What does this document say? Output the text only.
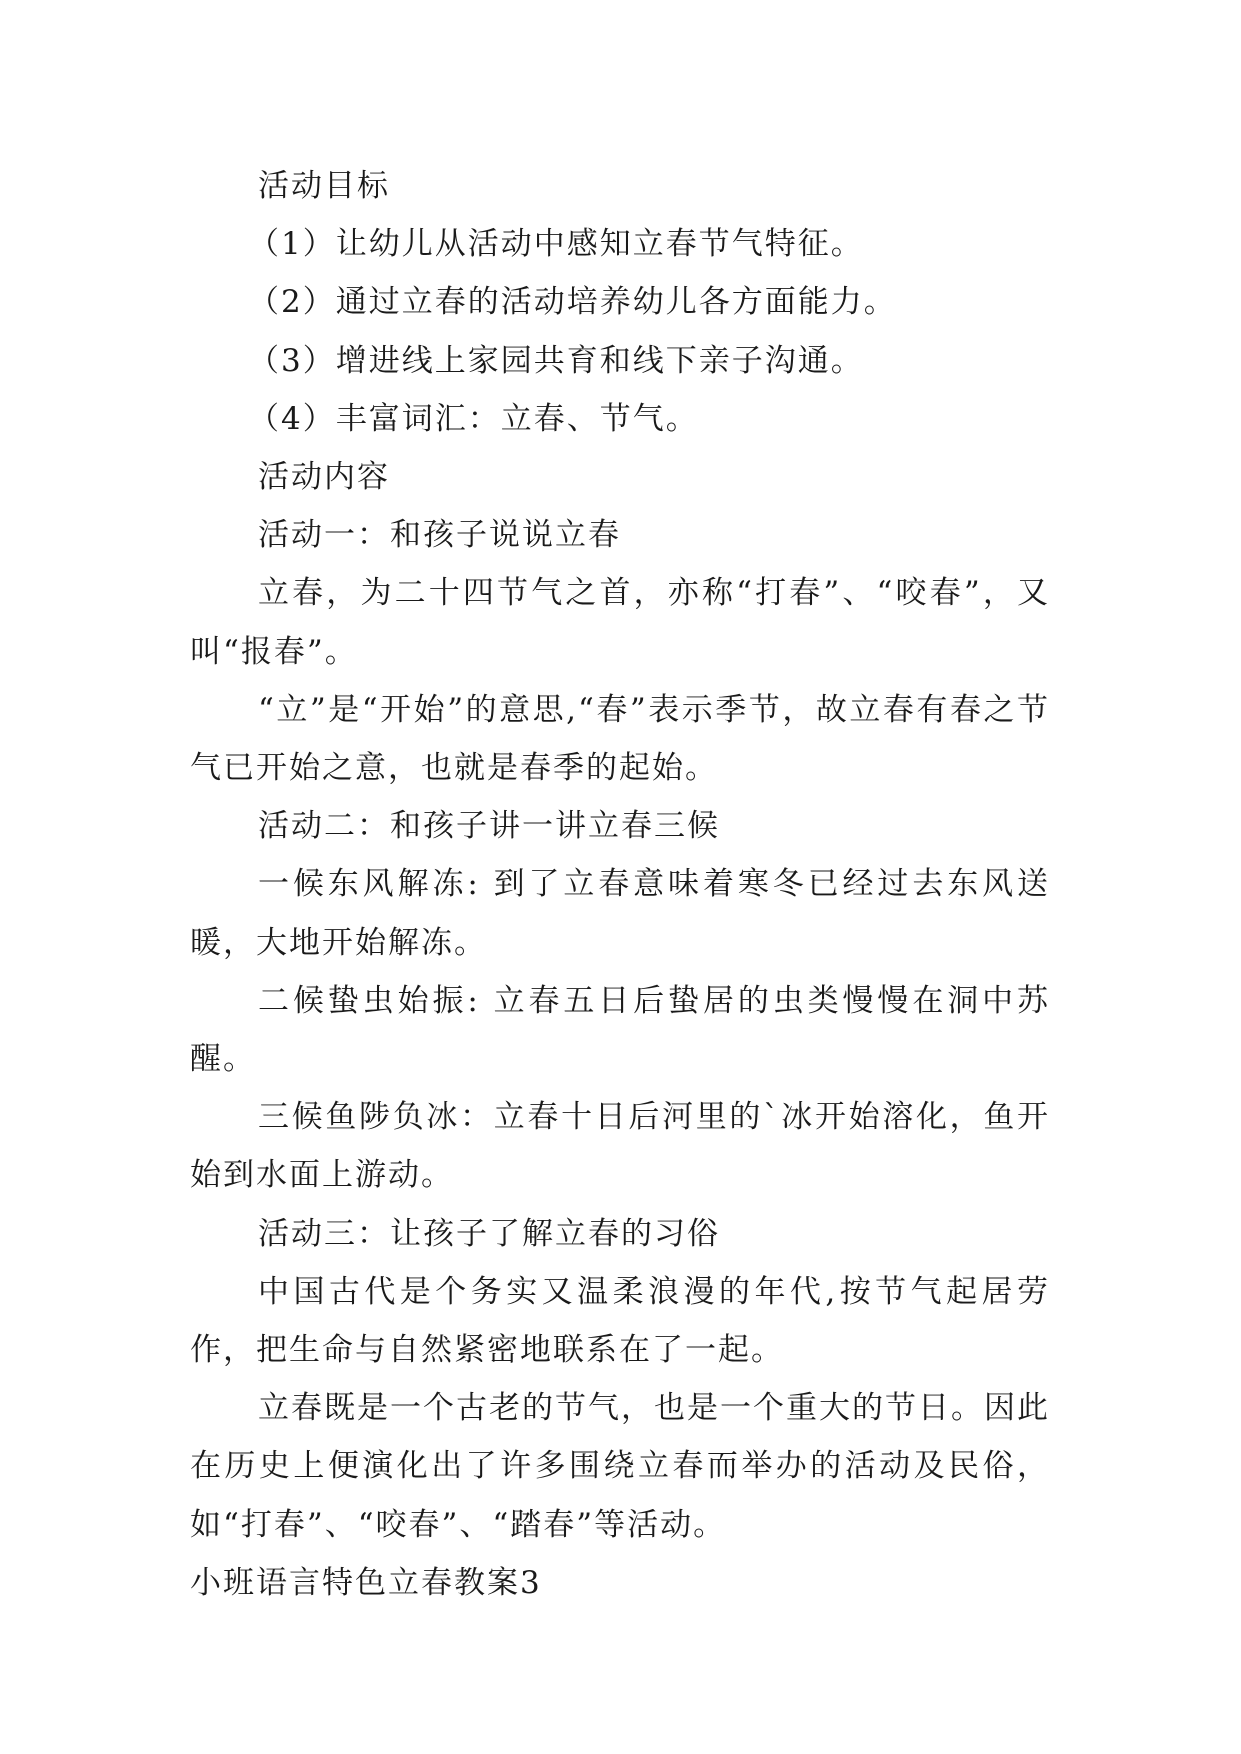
活动目标

（1）让幼儿从活动中感知立春节气特征。

（2）通过立春的活动培养幼儿各方面能力。

（3）增进线上家园共育和线下亲子沟通。

（4）丰富词汇：立春、节气。

活动内容

活动一：和孩子说说立春

立春，为二十四节气之首，亦称“打春”、“咬春”，又叫“报春”。

“立”是“开始”的意思,“春”表示季节，故立春有春之节气已开始之意，也就是春季的起始。

活动二：和孩子讲一讲立春三候

一候东风解冻: 到了立春意味着寒冬已经过去东风送暖，大地开始解冻。

二候蛰虫始振: 立春五日后蛰居的虫类慢慢在洞中苏醒。

三候鱼陟负冰：立春十日后河里的`冰开始溶化，鱼开始到水面上游动。

活动三：让孩子了解立春的习俗

中国古代是个务实又温柔浪漫的年代,按节气起居劳作，把生命与自然紧密地联系在了一起。

立春既是一个古老的节气，也是一个重大的节日。因此在历史上便演化出了许多围绕立春而举办的活动及民俗，如“打春”、“咬春”、“踏春”等活动。

小班语言特色立春教案3
